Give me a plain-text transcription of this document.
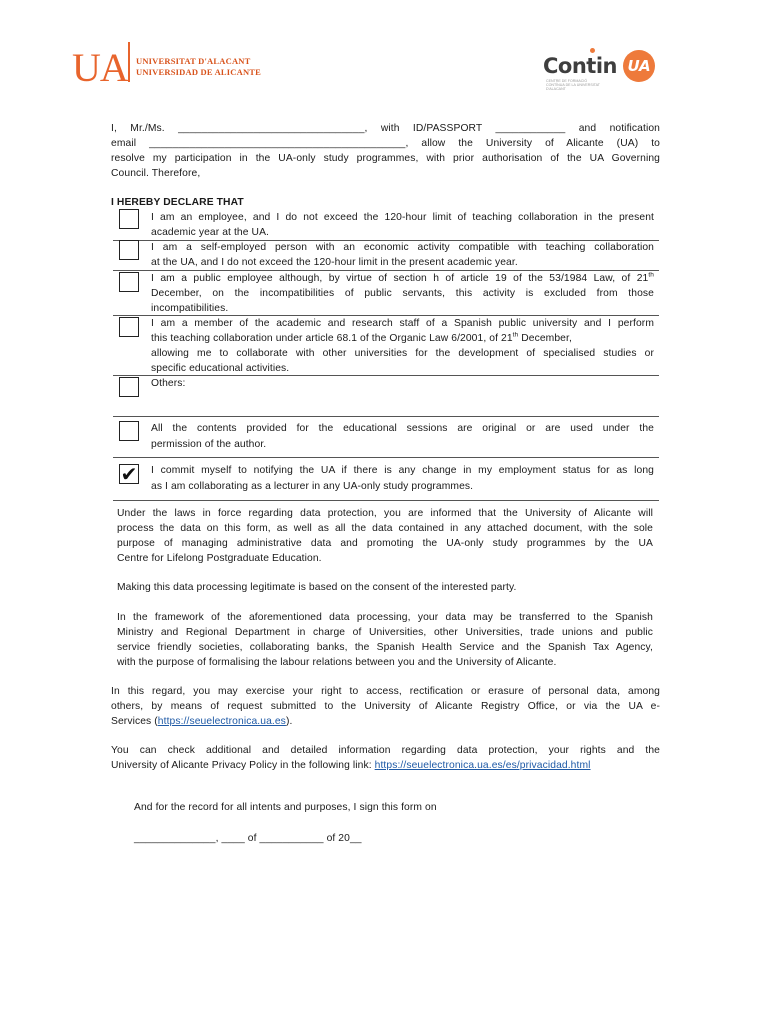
UA UNIVERSITAT D'ALACANT
UNIVERSIDAD DE ALICANTE	Contin UA
CENTRE DE FORMACIÓ CONTÍNUA DE LA UNIVERSITAT D'ALACANT
I, Mr./Ms. ________________________________, with ID/PASSPORT ____________ and notification
email ____________________________________________, allow the University of Alicante (UA) to
resolve my participation in the UA-only study programmes, with prior authorisation of the UA Governing
Council. Therefore,
I HEREBY DECLARE THAT
I am an employee, and I do not exceed the 120-hour limit of teaching collaboration in the present
academic year at the UA.
I am a self-employed person with an economic activity compatible with teaching collaboration
at the UA, and I do not exceed the 120-hour limit in the present academic year.
I am a public employee although, by virtue of section h of article 19 of the 53/1984 Law, of 21th
December, on the incompatibilities of public servants, this activity is excluded from those
incompatibilities.
I am a member of the academic and research staff of a Spanish public university and I perform
this teaching collaboration under article 68.1 of the Organic Law 6/2001, of 21th December,
allowing me to collaborate with other universities for the development of specialised studies or
specific educational activities.
Others:
All the contents provided for the educational sessions are original or are used under the
permission of the author.
✔ I commit myself to notifying the UA if there is any change in my employment status for as long
as I am collaborating as a lecturer in any UA-only study programmes.
Under the laws in force regarding data protection, you are informed that the University of Alicante will
process the data on this form, as well as all the data contained in any attached document, with the sole
purpose of managing administrative data and promoting the UA-only study programmes by the UA
Centre for Lifelong Postgraduate Education.
Making this data processing legitimate is based on the consent of the interested party.
In the framework of the aforementioned data processing, your data may be transferred to the Spanish
Ministry and Regional Department in charge of Universities, other Universities, trade unions and public
service friendly societies, collaborating banks, the Spanish Health Service and the Spanish Tax Agency,
with the purpose of formalising the labour relations between you and the University of Alicante.
In this regard, you may exercise your right to access, rectification or erasure of personal data, among
others, by means of request submitted to the University of Alicante Registry Office, or via the UA e-
Services (https://seuelectronica.ua.es).
You can check additional and detailed information regarding data protection, your rights and the
University of Alicante Privacy Policy in the following link: https://seuelectronica.ua.es/es/privacidad.html
And for the record for all intents and purposes, I sign this form on
______________, ____ of ___________ of 20__
